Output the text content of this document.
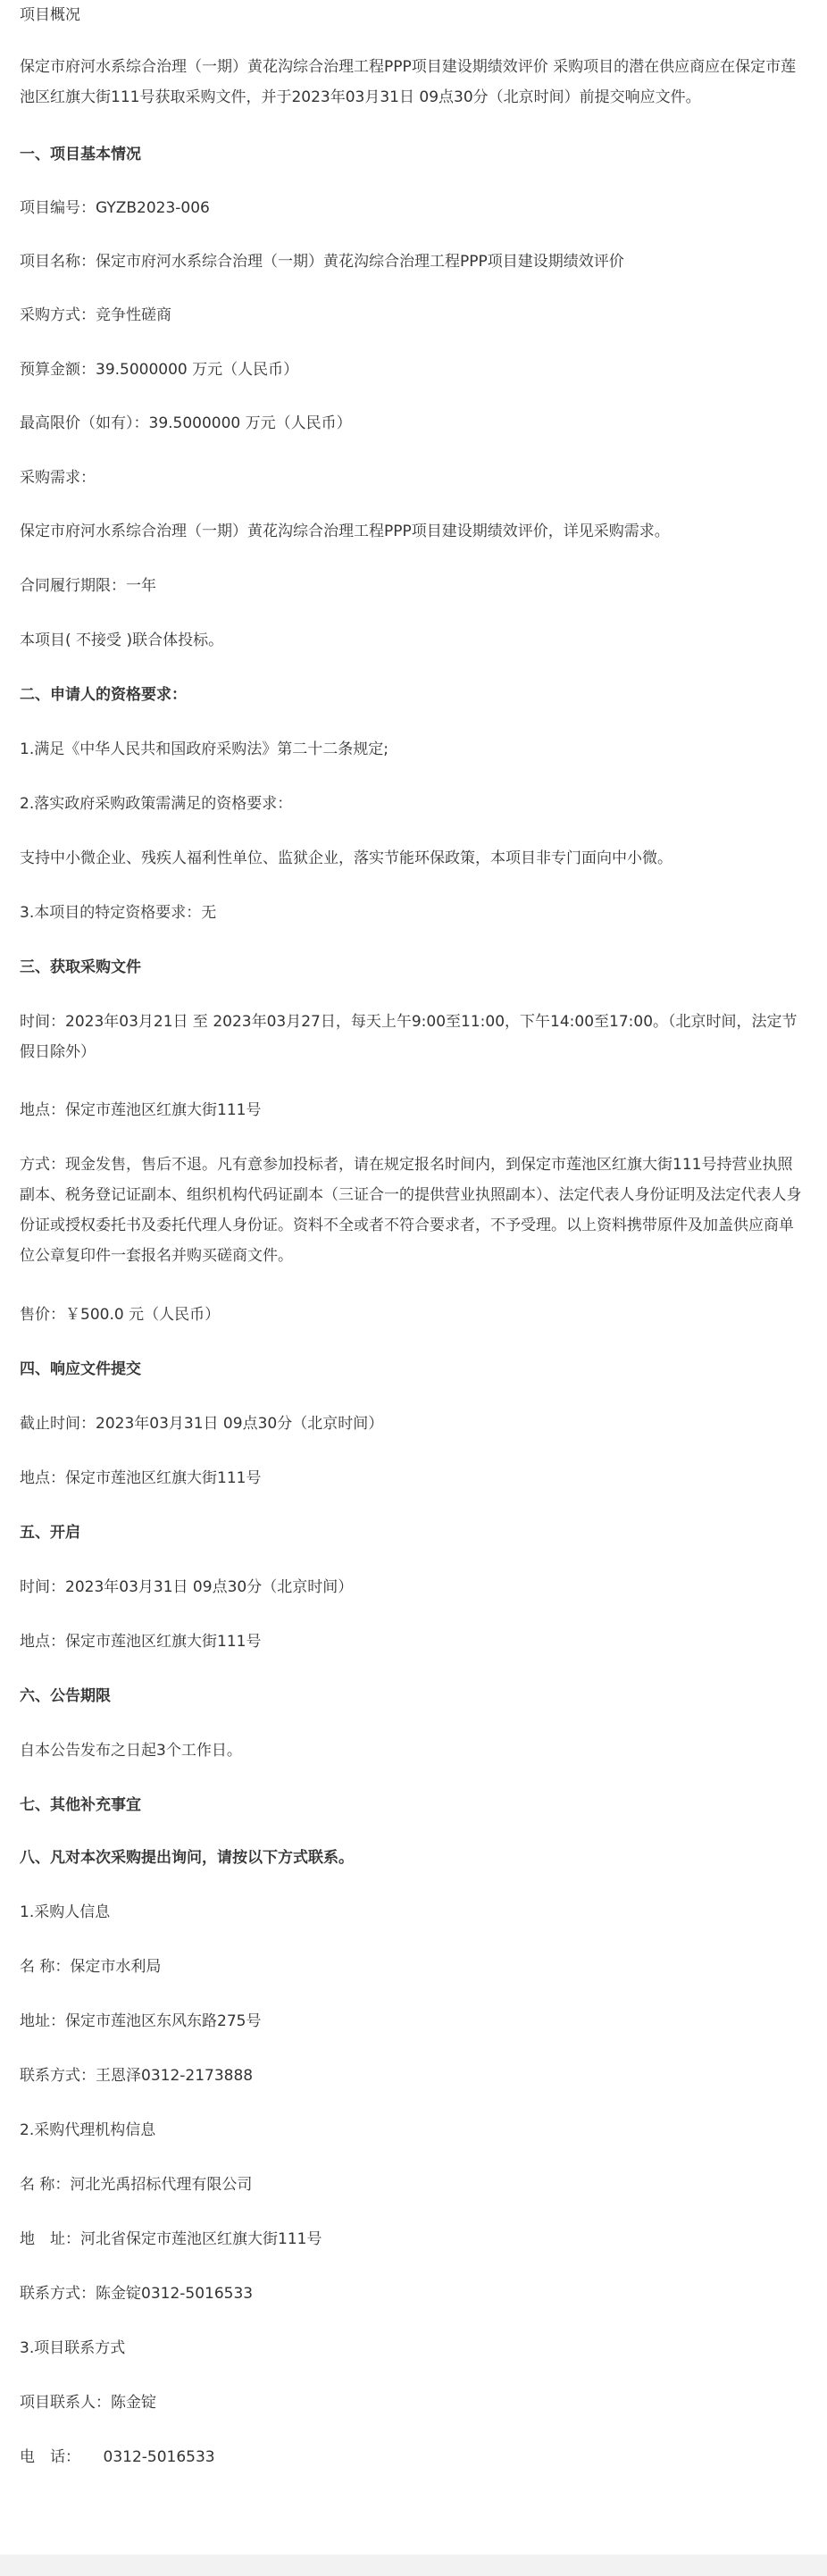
项目概况
保定市府河水系综合治理（一期）黄花沟综合治理工程PPP项目建设期绩效评价 采购项目的潜在供应商应在保定市莲池区红旗大街111号获取采购文件，并于2023年03月31日 09点30分（北京时间）前提交响应文件。
一、项目基本情况
项目编号：GYZB2023-006
项目名称：保定市府河水系综合治理（一期）黄花沟综合治理工程PPP项目建设期绩效评价
采购方式：竞争性磋商
预算金额：39.5000000 万元（人民币）
最高限价（如有）：39.5000000 万元（人民币）
采购需求：
保定市府河水系综合治理（一期）黄花沟综合治理工程PPP项目建设期绩效评价，详见采购需求。
合同履行期限：一年
本项目( 不接受 )联合体投标。
二、申请人的资格要求：
1.满足《中华人民共和国政府采购法》第二十二条规定;
2.落实政府采购政策需满足的资格要求：
支持中小微企业、残疾人福利性单位、监狱企业，落实节能环保政策，本项目非专门面向中小微。
3.本项目的特定资格要求：无
三、获取采购文件
时间：2023年03月21日 至 2023年03月27日，每天上午9:00至11:00，下午14:00至17:00。（北京时间，法定节假日除外）
地点：保定市莲池区红旗大街111号
方式：现金发售，售后不退。凡有意参加投标者，请在规定报名时间内，到保定市莲池区红旗大街111号持营业执照副本、税务登记证副本、组织机构代码证副本（三证合一的提供营业执照副本）、法定代表人身份证明及法定代表人身份证或授权委托书及委托代理人身份证。资料不全或者不符合要求者，不予受理。以上资料携带原件及加盖供应商单位公章复印件一套报名并购买磋商文件。
售价：￥500.0 元（人民币）
四、响应文件提交
截止时间：2023年03月31日 09点30分（北京时间）
地点：保定市莲池区红旗大街111号
五、开启
时间：2023年03月31日 09点30分（北京时间）
地点：保定市莲池区红旗大街111号
六、公告期限
自本公告发布之日起3个工作日。
七、其他补充事宜
八、凡对本次采购提出询问，请按以下方式联系。
1.采购人信息
名 称：保定市水利局
地址：保定市莲池区东风东路275号
联系方式：王恩泽0312-2173888
2.采购代理机构信息
名 称：河北光禹招标代理有限公司
地　址：河北省保定市莲池区红旗大街111号
联系方式：陈金锭0312-5016533
3.项目联系方式
项目联系人：陈金锭
电　话：　　0312-5016533
